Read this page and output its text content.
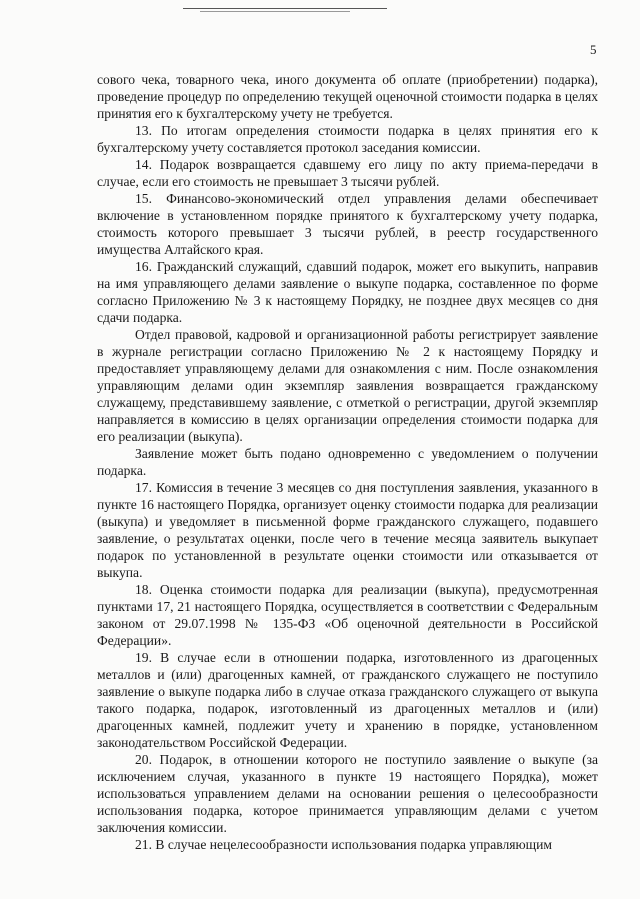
5

сового чека, товарного чека, иного документа об оплате (приобретении) подарка), проведение процедур по определению текущей оценочной стоимости подарка в целях принятия его к бухгалтерскому учету не требуется.

13. По итогам определения стоимости подарка в целях принятия его к бухгалтерскому учету составляется протокол заседания комиссии.

14. Подарок возвращается сдавшему его лицу по акту приема-передачи в случае, если его стоимость не превышает 3 тысячи рублей.

15. Финансово-экономический отдел управления делами обеспечивает включение в установленном порядке принятого к бухгалтерскому учету подарка, стоимость которого превышает 3 тысячи рублей, в реестр государственного имущества Алтайского края.

16. Гражданский служащий, сдавший подарок, может его выкупить, направив на имя управляющего делами заявление о выкупе подарка, составленное по форме согласно Приложению № 3 к настоящему Порядку, не позднее двух месяцев со дня сдачи подарка.

Отдел правовой, кадровой и организационной работы регистрирует заявление в журнале регистрации согласно Приложению № 2 к настоящему Порядку и предоставляет управляющему делами для ознакомления с ним. После ознакомления управляющим делами один экземпляр заявления возвращается гражданскому служащему, представившему заявление, с отметкой о регистрации, другой экземпляр направляется в комиссию в целях организации определения стоимости подарка для его реализации (выкупа).

Заявление может быть подано одновременно с уведомлением о получении подарка.

17. Комиссия в течение 3 месяцев со дня поступления заявления, указанного в пункте 16 настоящего Порядка, организует оценку стоимости подарка для реализации (выкупа) и уведомляет в письменной форме гражданского служащего, подавшего заявление, о результатах оценки, после чего в течение месяца заявитель выкупает подарок по установленной в результате оценки стоимости или отказывается от выкупа.

18. Оценка стоимости подарка для реализации (выкупа), предусмотренная пунктами 17, 21 настоящего Порядка, осуществляется в соответствии с Федеральным законом от 29.07.1998 № 135-ФЗ «Об оценочной деятельности в Российской Федерации».

19. В случае если в отношении подарка, изготовленного из драгоценных металлов и (или) драгоценных камней, от гражданского служащего не поступило заявление о выкупе подарка либо в случае отказа гражданского служащего от выкупа такого подарка, подарок, изготовленный из драгоценных металлов и (или) драгоценных камней, подлежит учету и хранению в порядке, установленном законодательством Российской Федерации.

20. Подарок, в отношении которого не поступило заявление о выкупе (за исключением случая, указанного в пункте 19 настоящего Порядка), может использоваться управлением делами на основании решения о целесообразности использования подарка, которое принимается управляющим делами с учетом заключения комиссии.

21. В случае нецелесообразности использования подарка управляющим
